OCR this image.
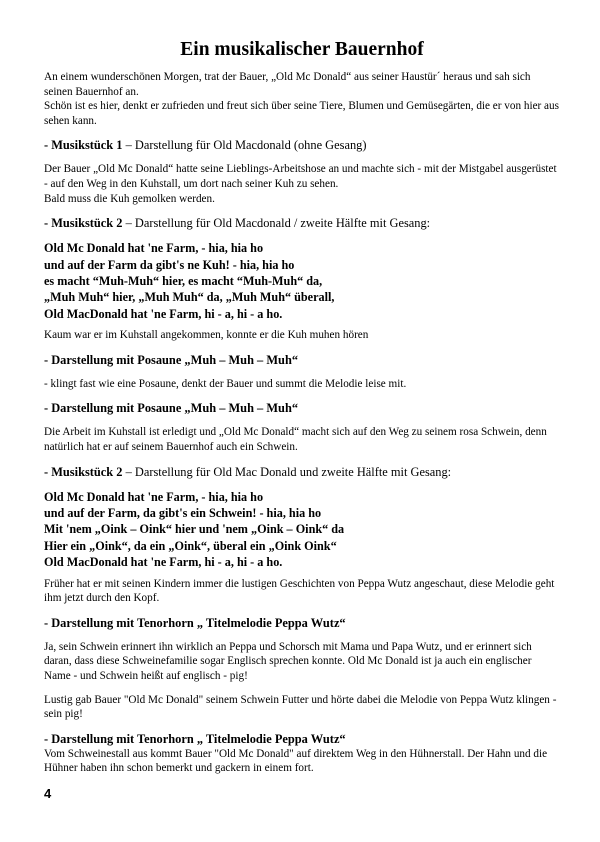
Ein musikalischer Bauernhof

An einem wunderschönen Morgen, trat der Bauer, „Old Mc Donald“ aus seiner Haustür´ heraus und sah sich seinen Bauernhof an.

Schön ist es hier, denkt er zufrieden und freut sich über seine Tiere, Blumen und Gemüsegärten, die er von hier aus sehen kann.

- Musikstück 1 – Darstellung für Old Macdonald (ohne Gesang)

Der Bauer „Old Mc Donald“ hatte seine Lieblings-Arbeitshose an und machte sich - mit der Mistgabel ausgerüstet - auf den Weg in den Kuhstall, um dort nach seiner Kuh zu sehen.

Bald muss die Kuh gemolken werden.

- Musikstück 2 – Darstellung für Old Macdonald / zweite Hälfte mit Gesang:

Old Mc Donald hat 'ne Farm, - hia, hia ho

und auf der Farm da gibt's ne Kuh! - hia, hia ho

es macht “Muh-Muh“ hier, es macht “Muh-Muh“ da,

„Muh Muh“ hier, „Muh Muh“ da, „Muh Muh“ überall,

Old MacDonald hat 'ne Farm, hi - a, hi - a ho.

Kaum war er im Kuhstall angekommen, konnte er die Kuh muhen hören

- Darstellung mit Posaune „Muh – Muh – Muh“

- klingt fast wie eine Posaune, denkt der Bauer und summt die Melodie leise mit.

- Darstellung mit Posaune „Muh – Muh – Muh“

Die Arbeit im Kuhstall ist erledigt und „Old Mc Donald“ macht sich auf den Weg zu seinem rosa Schwein, denn natürlich hat er auf seinem Bauernhof auch ein Schwein.

- Musikstück 2 – Darstellung für Old Mac Donald und zweite Hälfte mit Gesang:

Old Mc Donald hat 'ne Farm, - hia, hia ho

und auf der Farm, da gibt's ein Schwein! - hia, hia ho

Mit 'nem „Oink – Oink“ hier und 'nem „Oink – Oink“ da

Hier ein „Oink“, da ein „Oink“, überal ein „Oink Oink“

Old MacDonald hat 'ne Farm, hi - a, hi - a ho.

Früher hat er mit seinen Kindern immer die lustigen Geschichten von Peppa Wutz angeschaut, diese Melodie geht ihm jetzt durch den Kopf.

- Darstellung mit Tenorhorn „ Titelmelodie Peppa Wutz“

Ja, sein Schwein erinnert ihn wirklich an Peppa und Schorsch mit Mama und Papa Wutz, und er erinnert sich daran, dass diese Schweinefamilie sogar Englisch sprechen konnte. Old Mc Donald ist ja auch ein englischer Name - und Schwein heißt auf englisch - pig!

Lustig gab Bauer "Old Mc Donald" seinem Schwein Futter und hörte dabei die Melodie von Peppa Wutz klingen - sein pig!

- Darstellung mit Tenorhorn „ Titelmelodie Peppa Wutz“

Vom Schweinestall aus kommt Bauer "Old Mc Donald" auf direktem Weg in den Hühnerstall. Der Hahn und die Hühner haben ihn schon bemerkt und gackern in einem fort.

4
